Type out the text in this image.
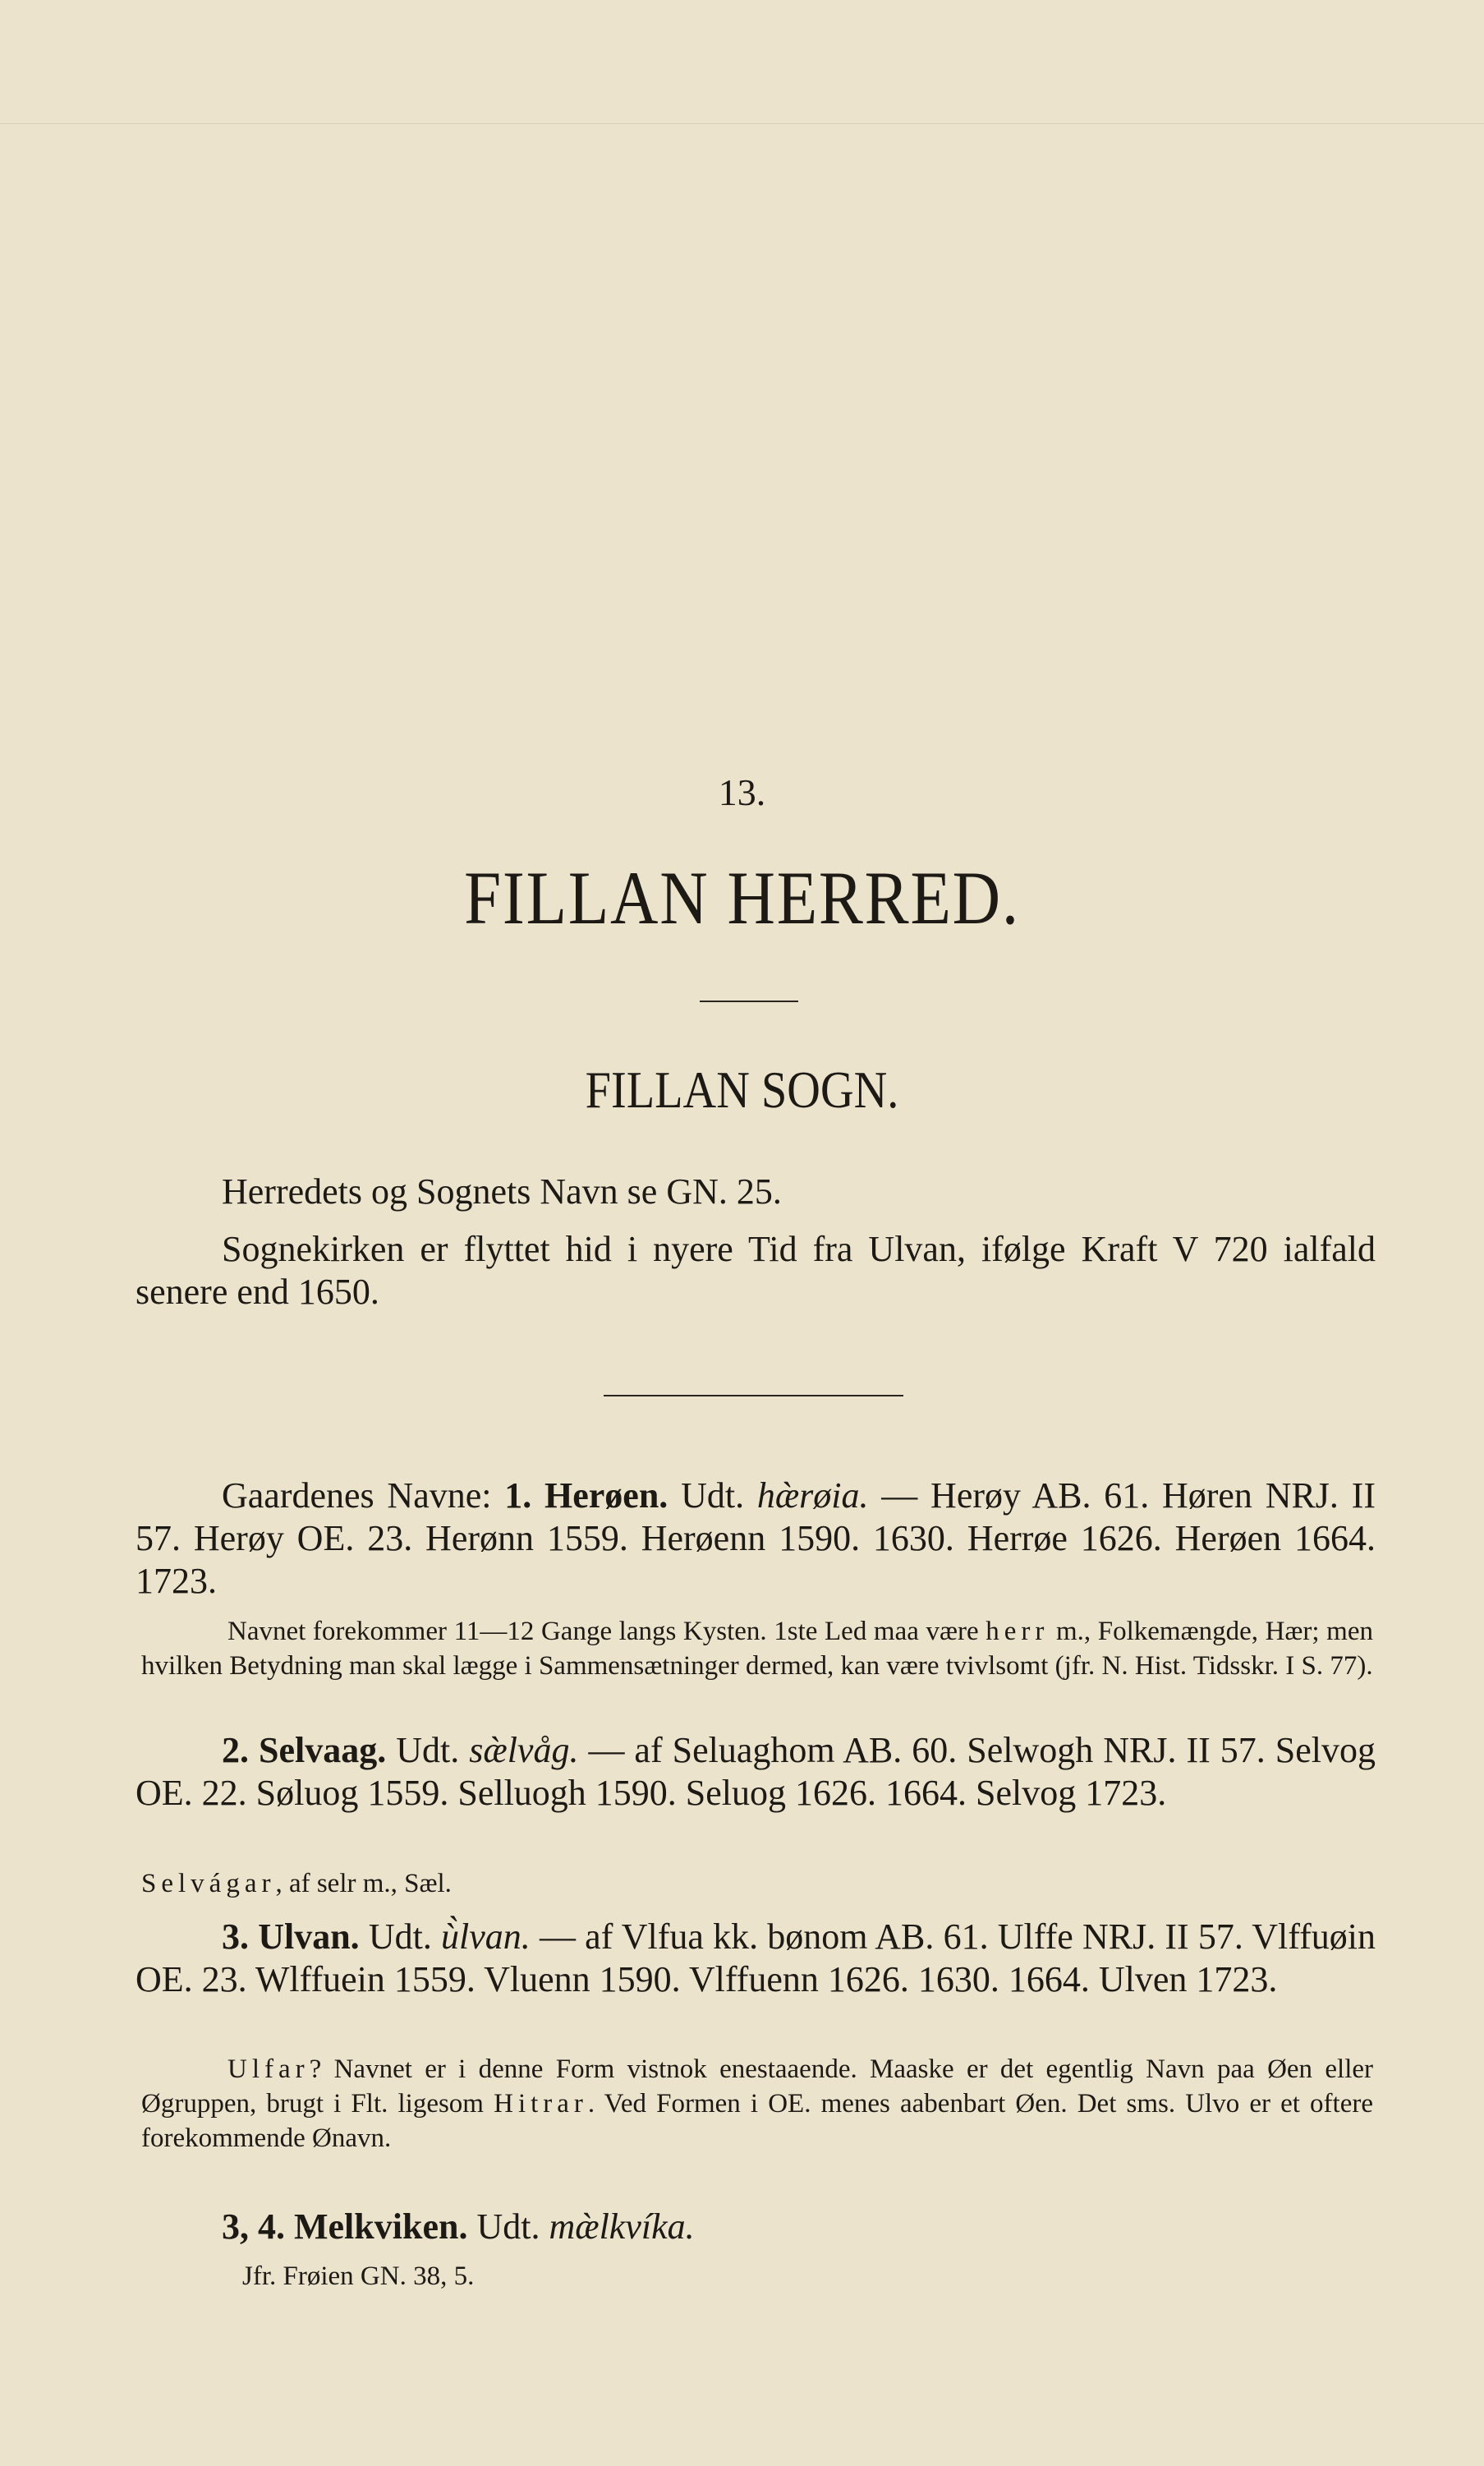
13.
FILLAN HERRED.
FILLAN SOGN.
Herredets og Sognets Navn se GN. 25.
Sognekirken er flyttet hid i nyere Tid fra Ulvan, ifølge Kraft V 720 ialfald senere end 1650.
Gaardenes Navne: 1. Herøen. Udt. hæ̀røia. — Herøy AB. 61. Høren NRJ. II 57. Herøy OE. 23. Herønn 1559. Herøenn 1590. 1630. Herrøe 1626. Herøen 1664. 1723.
Navnet forekommer 11—12 Gange langs Kysten. 1ste Led maa være herr m., Folkemængde, Hær; men hvilken Betydning man skal lægge i Sammensætninger dermed, kan være tvivlsomt (jfr. N. Hist. Tidsskr. I S. 77).
2. Selvaag. Udt. sæ̀lvåg. — af Seluaghom AB. 60. Selwogh NRJ. II 57. Selvog OE. 22. Søluog 1559. Selluogh 1590. Seluog 1626. 1664. Selvog 1723.
Selvágar, af selr m., Sæl.
3. Ulvan. Udt. ù̀lvan. — af Vlfua kk. bønom AB. 61. Ulffe NRJ. II 57. Vlffuøin OE. 23. Wlffuein 1559. Vluenn 1590. Vlffuenn 1626. 1630. 1664. Ulven 1723.
Ulfar? Navnet er i denne Form vistnok enestaaende. Maaske er det egentlig Navn paa Øen eller Øgruppen, brugt i Flt. ligesom Hitrar. Ved Formen i OE. menes aabenbart Øen. Det sms. Ulvo er et oftere forekommende Ønavn.
3, 4. Melkviken. Udt. mæ̀lkvíka.
Jfr. Frøien GN. 38, 5.
